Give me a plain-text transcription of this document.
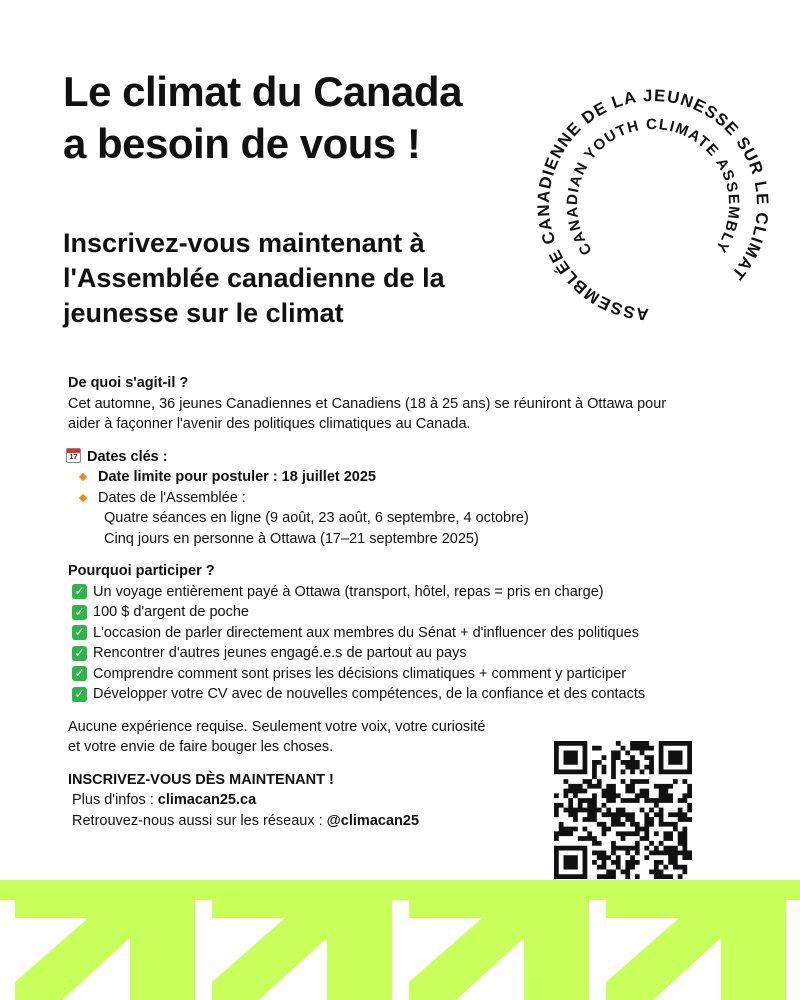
Le climat du Canada
a besoin de vous !
Inscrivez-vous maintenant à
l'Assemblée canadienne de la
jeunesse sur le climat	ASSEMBLÉE CANADIENNE DE LA JEUNESSE SUR LE CLIMAT
CANADIAN YOUTH CLIMATE ASSEMBLY
De quoi s'agit-il ?
Cet automne, 36 jeunes Canadiennes et Canadiens (18 à 25 ans) se réuniront à Ottawa pour
aider à façonner l'avenir des politiques climatiques au Canada.
17 Dates clés :
Date limite pour postuler : 18 juillet 2025
Dates de l'Assemblée :
Quatre séances en ligne (9 août, 23 août, 6 septembre, 4 octobre)
Cinq jours en personne à Ottawa (17–21 septembre 2025)
Pourquoi participer ?
✓ Un voyage entièrement payé à Ottawa (transport, hôtel, repas = pris en charge)
✓ 100 $ d'argent de poche
✓ L'occasion de parler directement aux membres du Sénat + d'influencer des politiques
✓ Rencontrer d'autres jeunes engagé.e.s de partout au pays
✓ Comprendre comment sont prises les décisions climatiques + comment y participer
✓ Développer votre CV avec de nouvelles compétences, de la confiance et des contacts
Aucune expérience requise. Seulement votre voix, votre curiosité
et votre envie de faire bouger les choses.
INSCRIVEZ-VOUS DÈS MAINTENANT !
Plus d'infos : climacan25.ca
Retrouvez-nous aussi sur les réseaux : @climacan25
